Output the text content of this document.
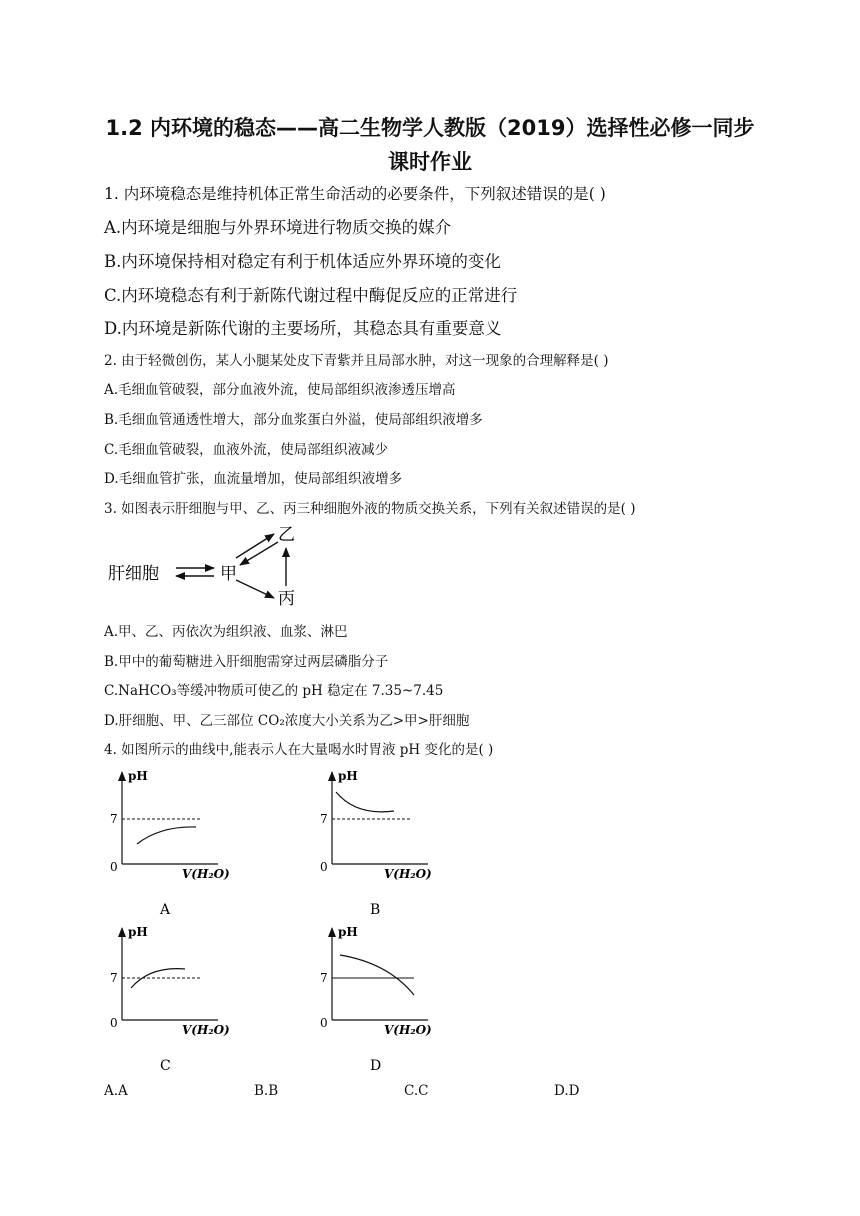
1.2 内环境的稳态——高二生物学人教版（2019）选择性必修一同步
课时作业
1. 内环境稳态是维持机体正常生命活动的必要条件，下列叙述错误的是( )
A.内环境是细胞与外界环境进行物质交换的媒介
B.内环境保持相对稳定有利于机体适应外界环境的变化
C.内环境稳态有利于新陈代谢过程中酶促反应的正常进行
D.内环境是新陈代谢的主要场所，其稳态具有重要意义
2. 由于轻微创伤，某人小腿某处皮下青紫并且局部水肿，对这一现象的合理解释是( )
A.毛细血管破裂，部分血液外流，使局部组织液渗透压增高
B.毛细血管通透性增大，部分血浆蛋白外溢，使局部组织液增多
C.毛细血管破裂，血液外流，使局部组织液减少
D.毛细血管扩张，血流量增加，使局部组织液增多
3. 如图表示肝细胞与甲、乙、丙三种细胞外液的物质交换关系，下列有关叙述错误的是( )
肝细胞	甲
乙
丙
A.甲、乙、丙依次为组织液、血浆、淋巴
B.甲中的葡萄糖进入肝细胞需穿过两层磷脂分子
C.NaHCO₃等缓冲物质可使乙的 pH 稳定在 7.35~7.45
D.肝细胞、甲、乙三部位 CO₂浓度大小关系为乙>甲>肝细胞
4. 如图所示的曲线中,能表示人在大量喝水时胃液 pH 变化的是( )
pH
7
0	V(H₂O)
A
pH
7
0	V(H₂O)
B
pH
7
0	V(H₂O)
C
pH
7
0	V(H₂O)
D
A.A	B.B	C.C	D.D
